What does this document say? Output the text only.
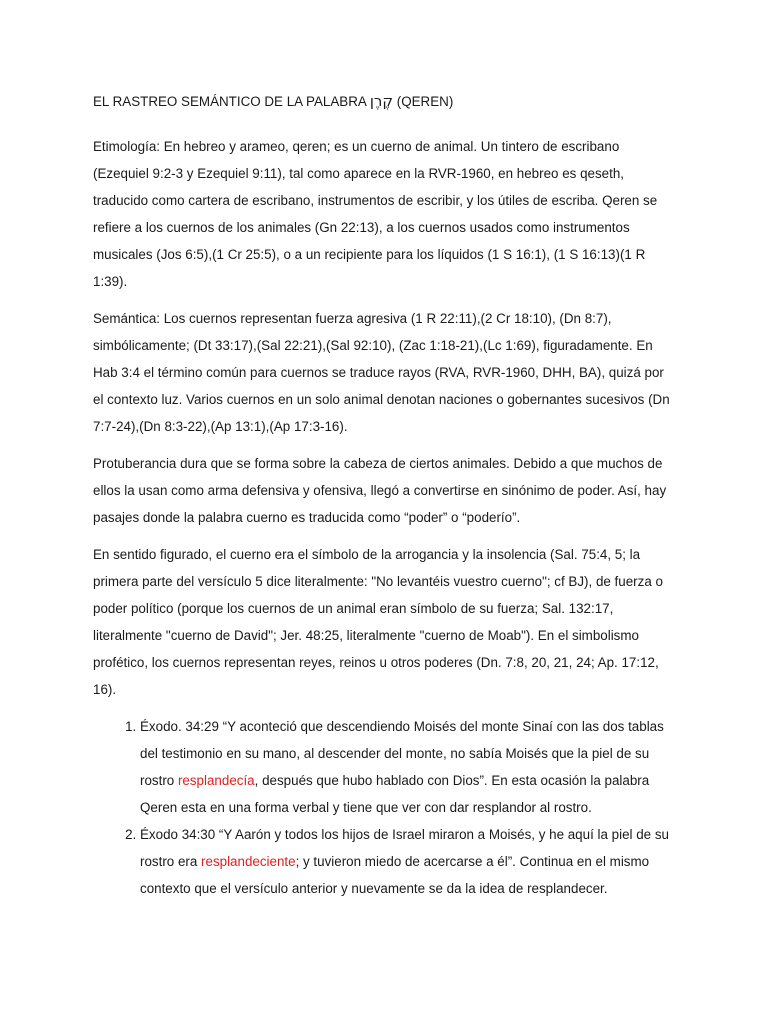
EL RASTREO SEMÁNTICO DE LA PALABRA קֶרֶן (QEREN)

Etimología: En hebreo y arameo, qeren; es un cuerno de animal. Un tintero de escribano (Ezequiel 9:2-3 y Ezequiel 9:11), tal como aparece en la RVR-1960, en hebreo es qeseth, traducido como cartera de escribano, instrumentos de escribir, y los útiles de escriba. Qeren se refiere a los cuernos de los animales (Gn 22:13), a los cuernos usados como instrumentos musicales (Jos 6:5),(1 Cr 25:5), o a un recipiente para los líquidos (1 S 16:1), (1 S 16:13)(1 R 1:39).

Semántica: Los cuernos representan fuerza agresiva (1 R 22:11),(2 Cr 18:10), (Dn 8:7), simbólicamente; (Dt 33:17),(Sal 22:21),(Sal 92:10), (Zac 1:18-21),(Lc 1:69), figuradamente. En Hab 3:4 el término común para cuernos se traduce rayos (RVA, RVR-1960, DHH, BA), quizá por el contexto luz. Varios cuernos en un solo animal denotan naciones o gobernantes sucesivos (Dn 7:7-24),(Dn 8:3-22),(Ap 13:1),(Ap 17:3-16).

Protuberancia dura que se forma sobre la cabeza de ciertos animales. Debido a que muchos de ellos la usan como arma defensiva y ofensiva, llegó a convertirse en sinónimo de poder. Así, hay pasajes donde la palabra cuerno es traducida como “poder” o “poderío”.

En sentido figurado, el cuerno era el símbolo de la arrogancia y la insolencia (Sal. 75:4, 5; la primera parte del versículo 5 dice literalmente: "No levantéis vuestro cuerno"; cf BJ), de fuerza o poder político (porque los cuernos de un animal eran símbolo de su fuerza; Sal. 132:17, literalmente "cuerno de David"; Jer. 48:25, literalmente "cuerno de Moab"). En el simbolismo profético, los cuernos representan reyes, reinos u otros poderes (Dn. 7:8, 20, 21, 24; Ap. 17:12, 16).

1. Éxodo. 34:29 “Y aconteció que descendiendo Moisés del monte Sinaí con las dos tablas del testimonio en su mano, al descender del monte, no sabía Moisés que la piel de su rostro resplandecía, después que hubo hablado con Dios”. En esta ocasión la palabra Qeren esta en una forma verbal y tiene que ver con dar resplandor al rostro.
2. Éxodo 34:30 “Y Aarón y todos los hijos de Israel miraron a Moisés, y he aquí la piel de su rostro era resplandeciente; y tuvieron miedo de acercarse a él”. Continua en el mismo contexto que el versículo anterior y nuevamente se da la idea de resplandecer.
